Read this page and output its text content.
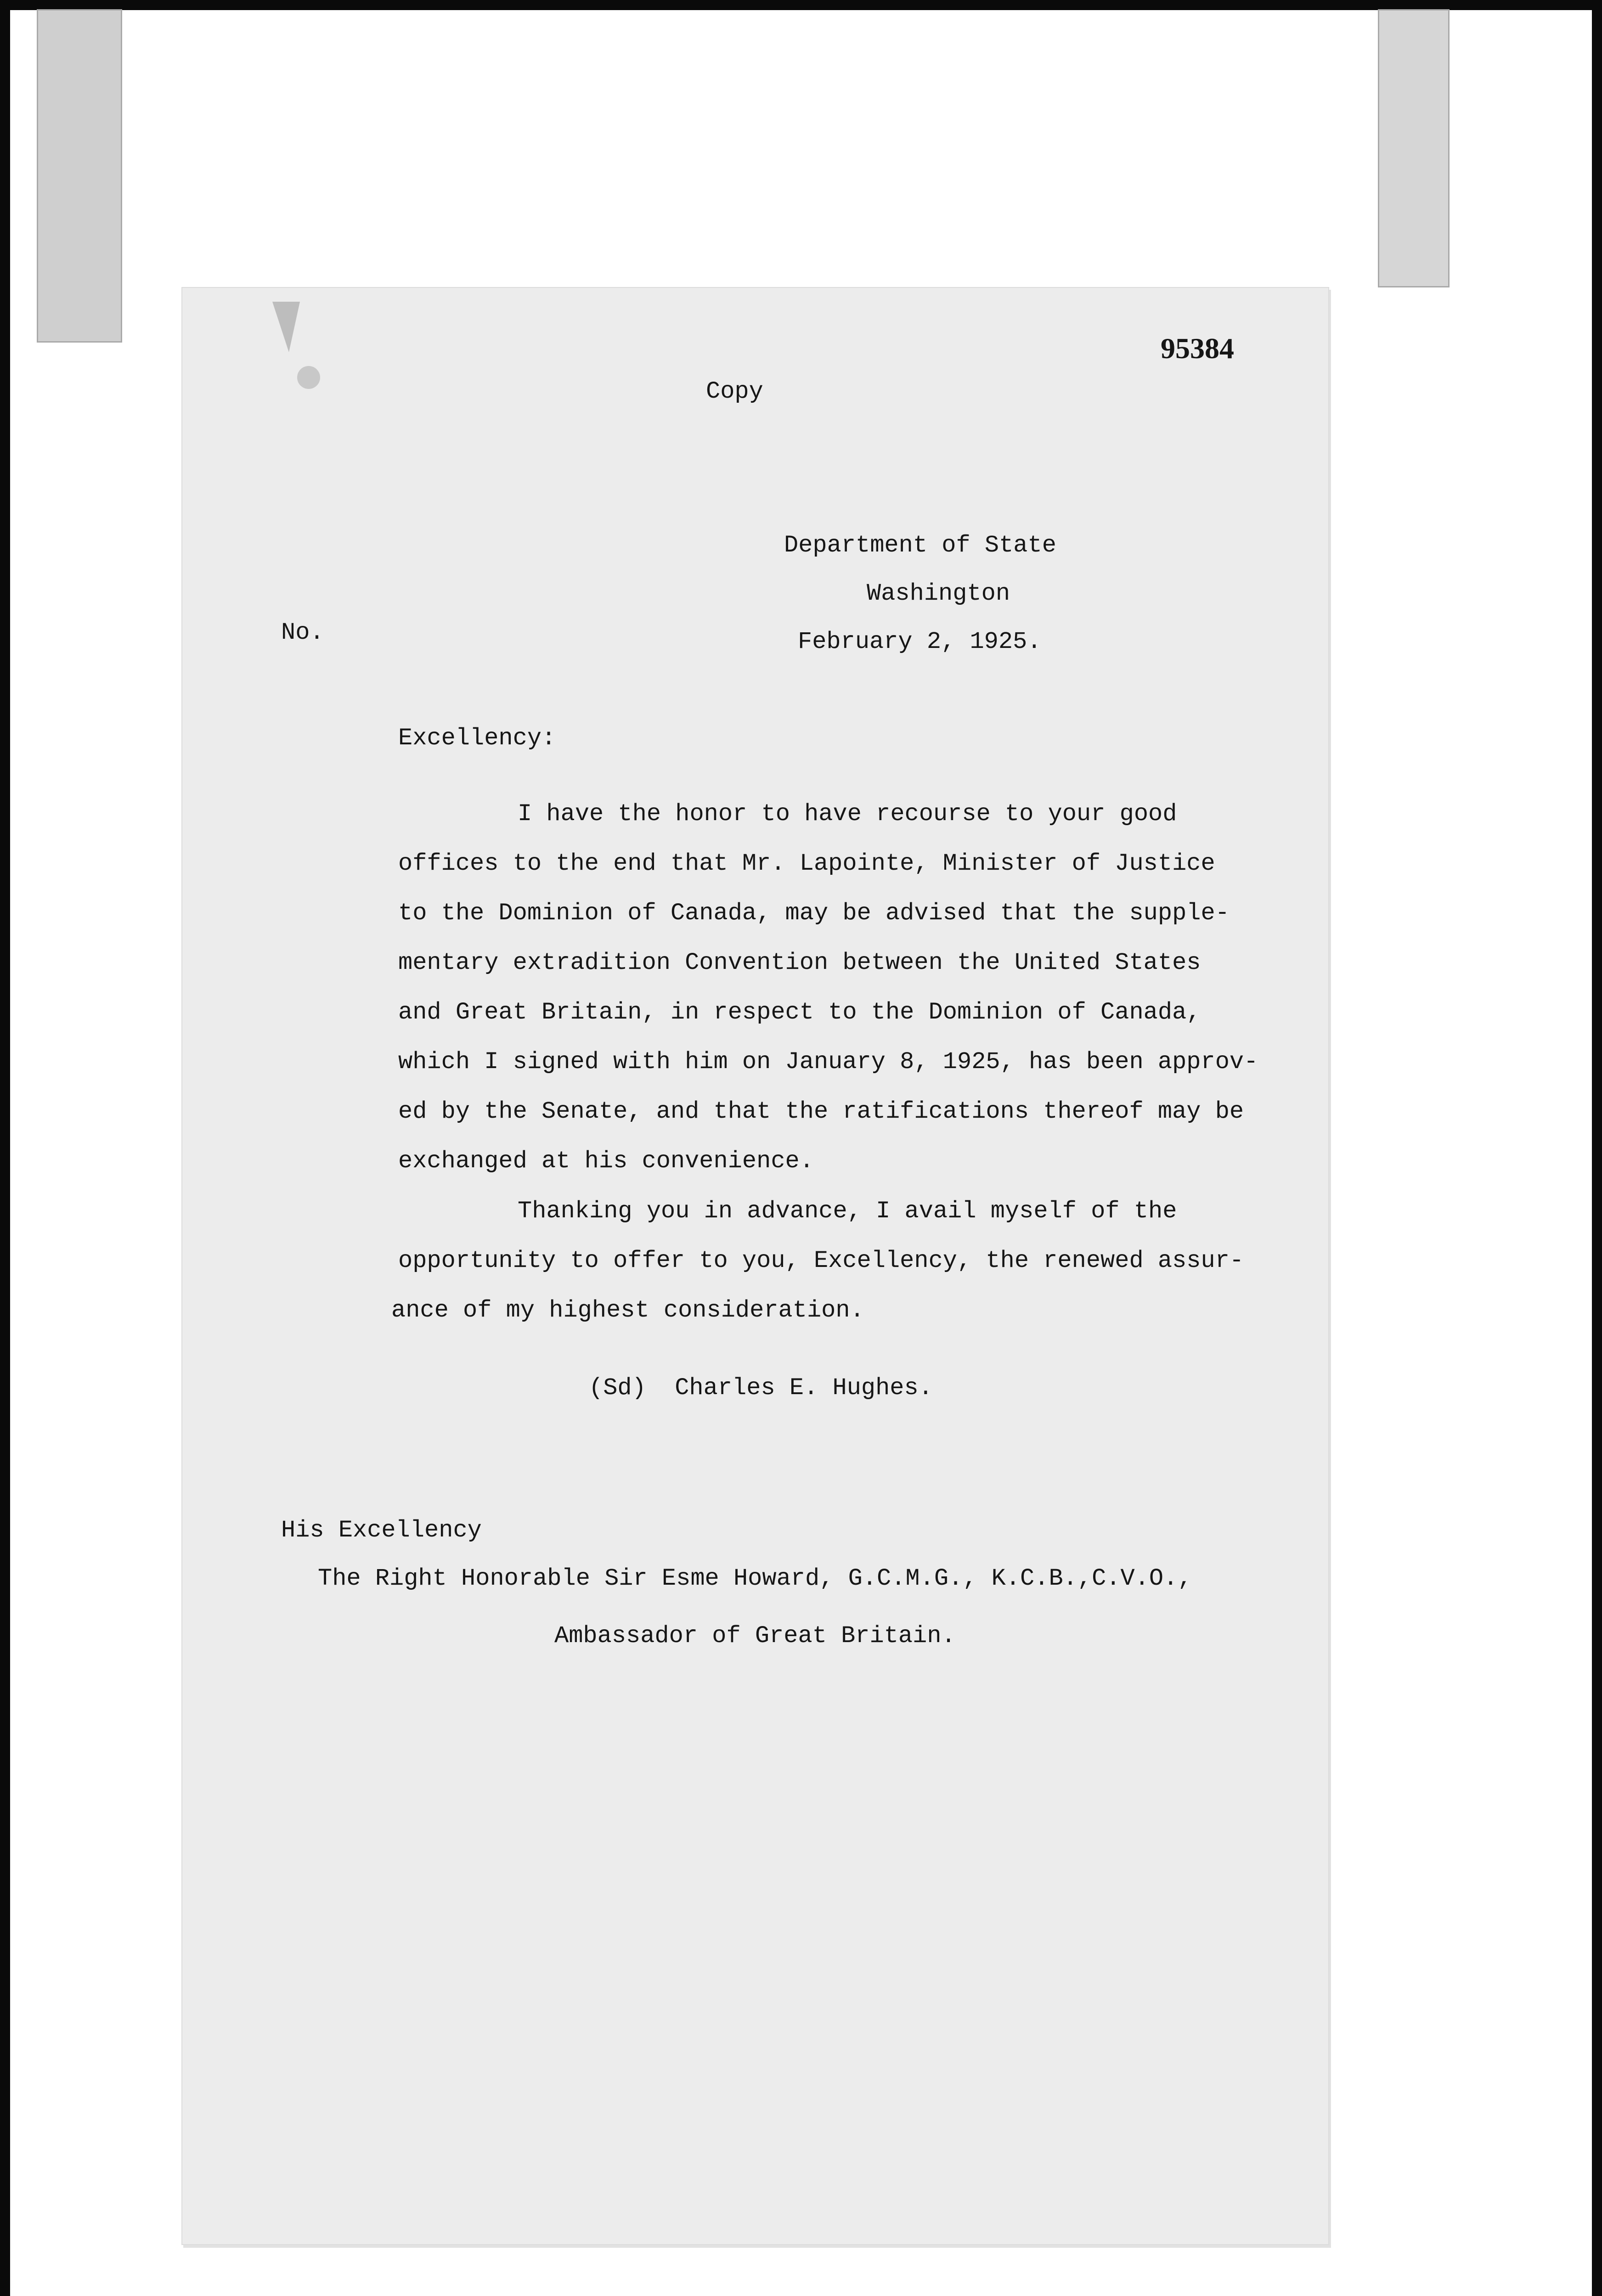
95384
Copy
Department of State
Washington
No.	February 2, 1925.
Excellency:
I have the honor to have recourse to your good
offices to the end that Mr. Lapointe, Minister of Justice
to the Dominion of Canada, may be advised that the supple-
mentary extradition Convention between the United States
and Great Britain, in respect to the Dominion of Canada,
which I signed with him on January 8, 1925, has been approv-
ed by the Senate, and that the ratifications thereof may be
exchanged at his convenience.
Thanking you in advance, I avail myself of the
opportunity to offer to you, Excellency, the renewed assur-
ance of my highest consideration.
(Sd)  Charles E. Hughes.
His Excellency
The Right Honorable Sir Esme Howard, G.C.M.G., K.C.B.,C.V.O.,
Ambassador of Great Britain.
